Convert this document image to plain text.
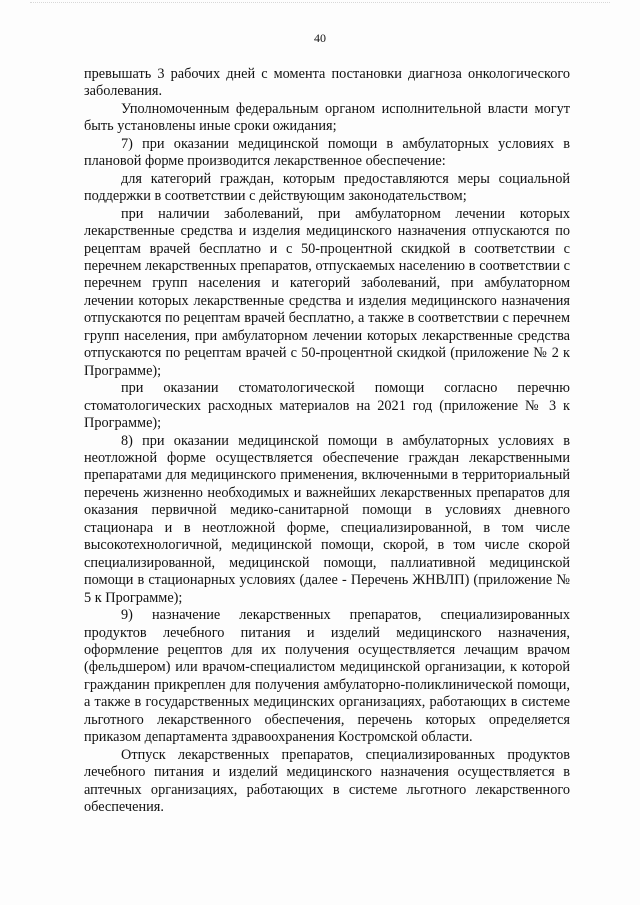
40

превышать 3 рабочих дней с момента постановки диагноза онкологического заболевания.

Уполномоченным федеральным органом исполнительной власти могут быть установлены иные сроки ожидания;

7) при оказании медицинской помощи в амбулаторных условиях в плановой форме производится лекарственное обеспечение:

для категорий граждан, которым предоставляются меры социальной поддержки в соответствии с действующим законодательством;

при наличии заболеваний, при амбулаторном лечении которых лекарственные средства и изделия медицинского назначения отпускаются по рецептам врачей бесплатно и с 50-процентной скидкой в соответствии с перечнем лекарственных препаратов, отпускаемых населению в соответствии с перечнем групп населения и категорий заболеваний, при амбулаторном лечении которых лекарственные средства и изделия медицинского назначения отпускаются по рецептам врачей бесплатно, а также в соответствии с перечнем групп населения, при амбулаторном лечении которых лекарственные средства отпускаются по рецептам врачей с 50-процентной скидкой (приложение № 2 к Программе);

при оказании стоматологической помощи согласно перечню стоматологических расходных материалов на 2021 год (приложение № 3 к Программе);

8) при оказании медицинской помощи в амбулаторных условиях в неотложной форме осуществляется обеспечение граждан лекарственными препаратами для медицинского применения, включенными в территориальный перечень жизненно необходимых и важнейших лекарственных препаратов для оказания первичной медико-санитарной помощи в условиях дневного стационара и в неотложной форме, специализированной, в том числе высокотехнологичной, медицинской помощи, скорой, в том числе скорой специализированной, медицинской помощи, паллиативной медицинской помощи в стационарных условиях (далее - Перечень ЖНВЛП) (приложение № 5 к Программе);

9) назначение лекарственных препаратов, специализированных продуктов лечебного питания и изделий медицинского назначения, оформление рецептов для их получения осуществляется лечащим врачом (фельдшером) или врачом-специалистом медицинской организации, к которой гражданин прикреплен для получения амбулаторно-поликлинической помощи, а также в государственных медицинских организациях, работающих в системе льготного лекарственного обеспечения, перечень которых определяется приказом департамента здравоохранения Костромской области.

Отпуск лекарственных препаратов, специализированных продуктов лечебного питания и изделий медицинского назначения осуществляется в аптечных организациях, работающих в системе льготного лекарственного обеспечения.
